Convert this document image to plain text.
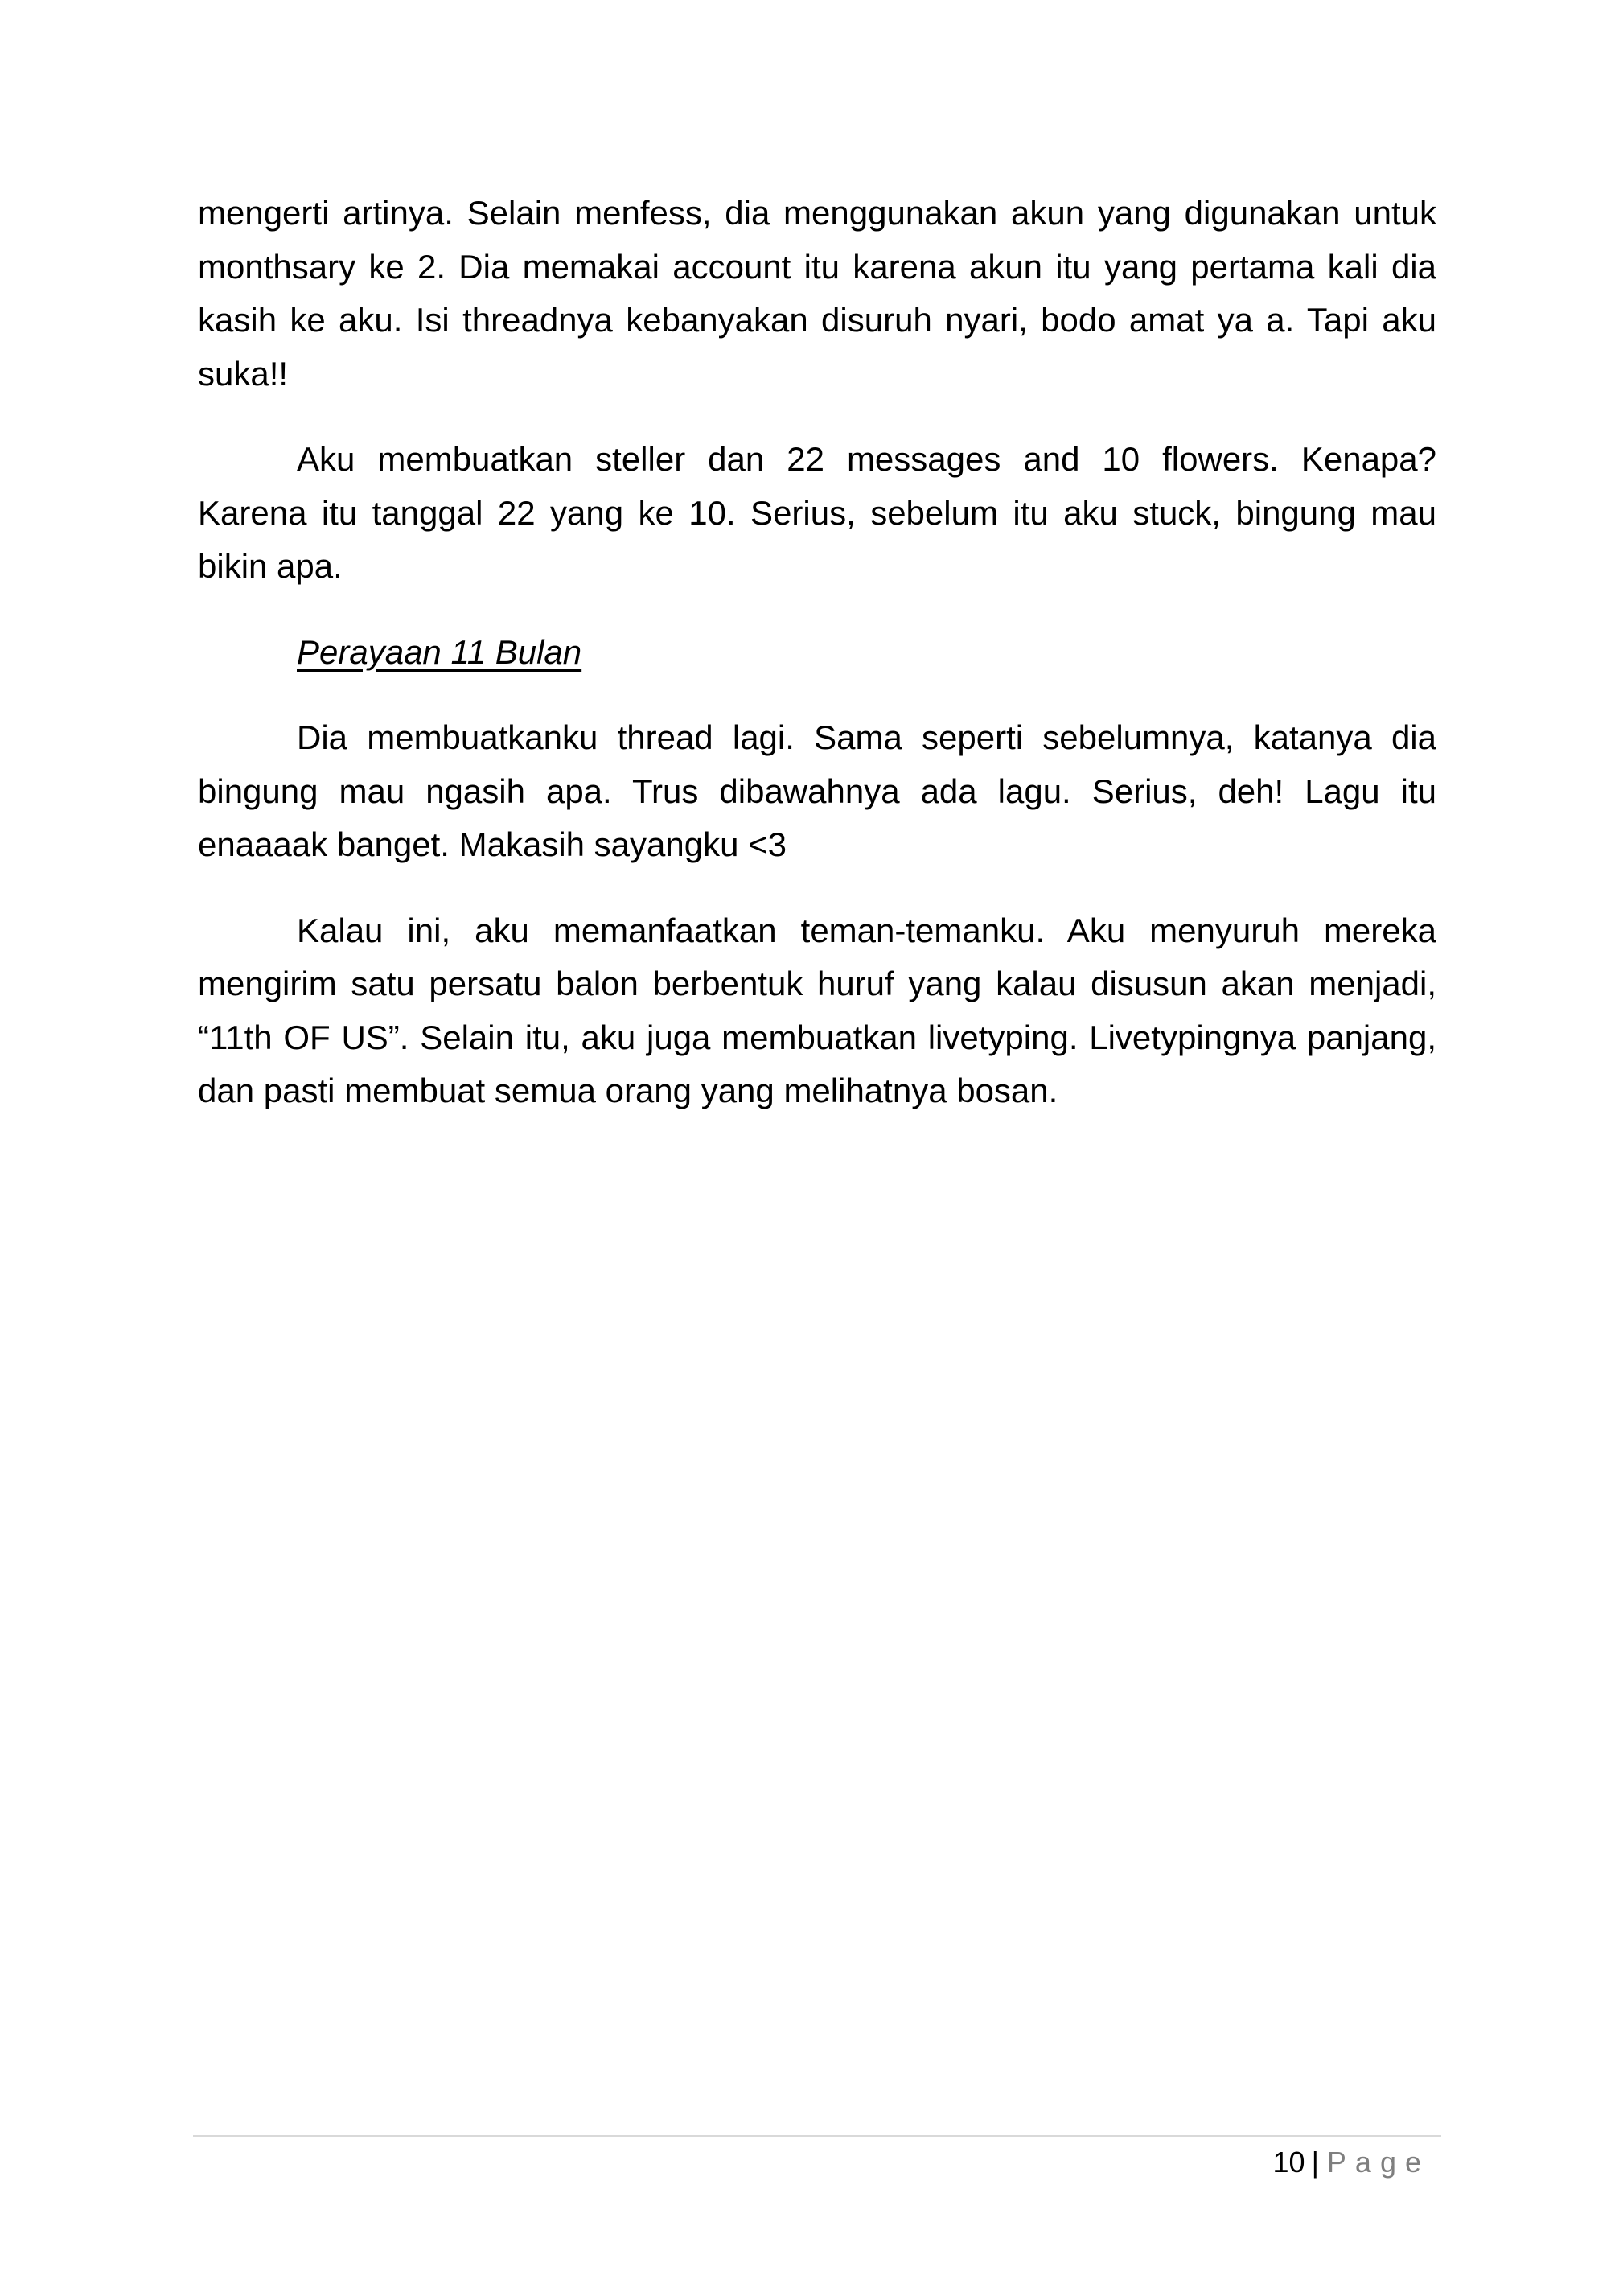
mengerti artinya. Selain menfess, dia menggunakan akun yang digunakan untuk monthsary ke 2. Dia memakai account itu karena akun itu yang pertama kali dia kasih ke aku. Isi threadnya kebanyakan disuruh nyari, bodo amat ya a. Tapi aku suka!!

Aku membuatkan steller dan 22 messages and 10 flowers. Kenapa? Karena itu tanggal 22 yang ke 10. Serius, sebelum itu aku stuck, bingung mau bikin apa.

Perayaan 11 Bulan

Dia membuatkanku thread lagi. Sama seperti sebelumnya, katanya dia bingung mau ngasih apa. Trus dibawahnya ada lagu. Serius, deh! Lagu itu enaaaak banget. Makasih sayangku <3

Kalau ini, aku memanfaatkan teman-temanku. Aku menyuruh mereka mengirim satu persatu balon berbentuk huruf yang kalau disusun akan menjadi, “11th OF US”. Selain itu, aku juga membuatkan livetyping. Livetypingnya panjang, dan pasti membuat semua orang yang melihatnya bosan.

10 | Page
